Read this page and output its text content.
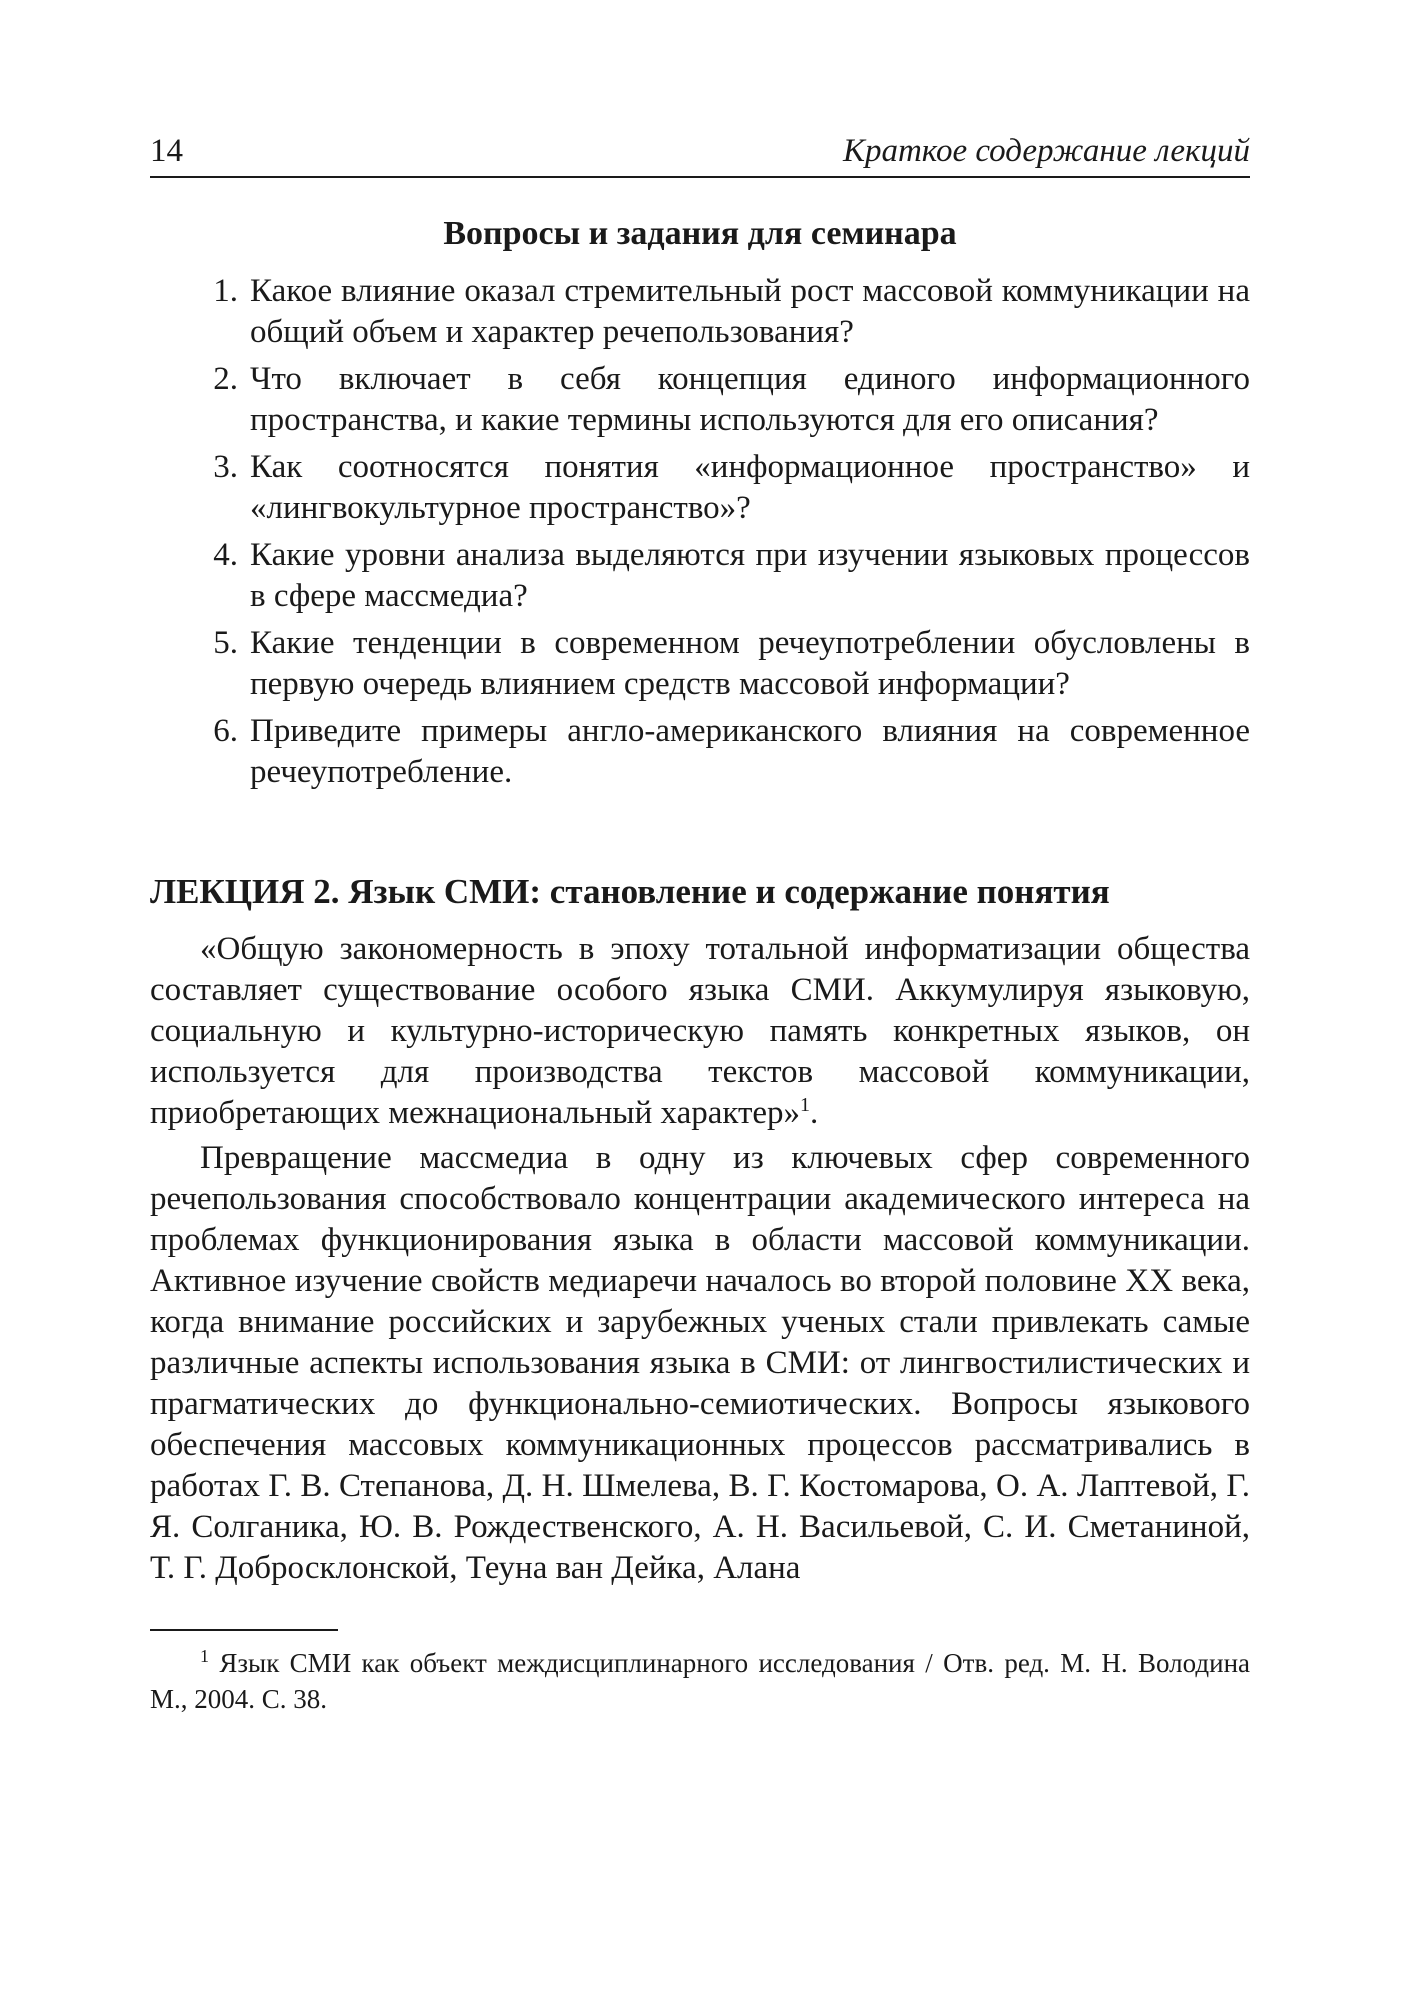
14	Краткое содержание лекций
Вопросы и задания для семинара
1. Какое влияние оказал стремительный рост массовой коммуникации на общий объем и характер речепользования?
2. Что включает в себя концепция единого информационного пространства, и какие термины используются для его описания?
3. Как соотносятся понятия «информационное пространство» и «лингвокультурное пространство»?
4. Какие уровни анализа выделяются при изучении языковых процессов в сфере массмедиа?
5. Какие тенденции в современном речеупотреблении обусловлены в первую очередь влиянием средств массовой информации?
6. Приведите примеры англо-американского влияния на современное речеупотребление.
ЛЕКЦИЯ 2. Язык СМИ: становление и содержание понятия

«Общую закономерность в эпоху тотальной информатизации общества составляет существование особого языка СМИ. Аккумулируя языковую, социальную и культурно-историческую память конкретных языков, он используется для производства текстов массовой коммуникации, приобретающих межнациональный характер»$^1$.

Превращение массмедиа в одну из ключевых сфер современного речепользования способствовало концентрации академического интереса на проблемах функционирования языка в области массовой коммуникации. Активное изучение свойств медиаречи началось во второй половине XX века, когда внимание российских и зарубежных ученых стали привлекать самые различные аспекты использования языка в СМИ: от лингвостилистических и прагматических до функционально-семиотических. Вопросы языкового обеспечения массовых коммуникационных процессов рассматривались в работах Г. В. Степанова, Д. Н. Шмелева, В. Г. Костомарова, О. А. Лаптевой, Г. Я. Солганика, Ю. В. Рождественского, А. Н. Васильевой, С. И. Сметаниной, Т. Г. Добросклонской, Теуна ван Дейка, Алана

$^1$ Язык СМИ как объект междисциплинарного исследования / Отв. ред. М. Н. Володина М., 2004. С. 38.
